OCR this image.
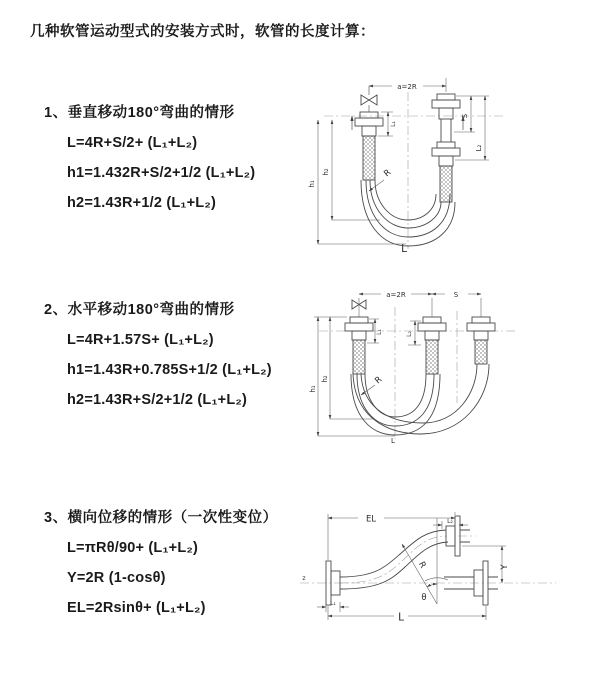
几种软管运动型式的安装方式时，软管的长度计算：
1、垂直移动180°弯曲的情形
L=4R+S/2+ (L₁+L₂)
h1=1.432R+S/2+1/2 (L₁+L₂)
h2=1.43R+1/2 (L₁+L₂)
a=2R
S
L₂
h₁
h₂
L₁
R
L
2、水平移动180°弯曲的情形
L=4R+1.57S+ (L₁+L₂)
h1=1.43R+0.785S+1/2 (L₁+L₂)
h2=1.43R+S/2+1/2 (L₁+L₂)
a=2R	S
h₁
h₂
L₁	L₂
R
L
3、横向位移的情形（一次性变位）
L=πRθ/90+ (L₁+L₂)
Y=2R (1-cosθ)
EL=2Rsinθ+ (L₁+L₂)
EL	L₂
Y
L
L₁
R
θ
z
